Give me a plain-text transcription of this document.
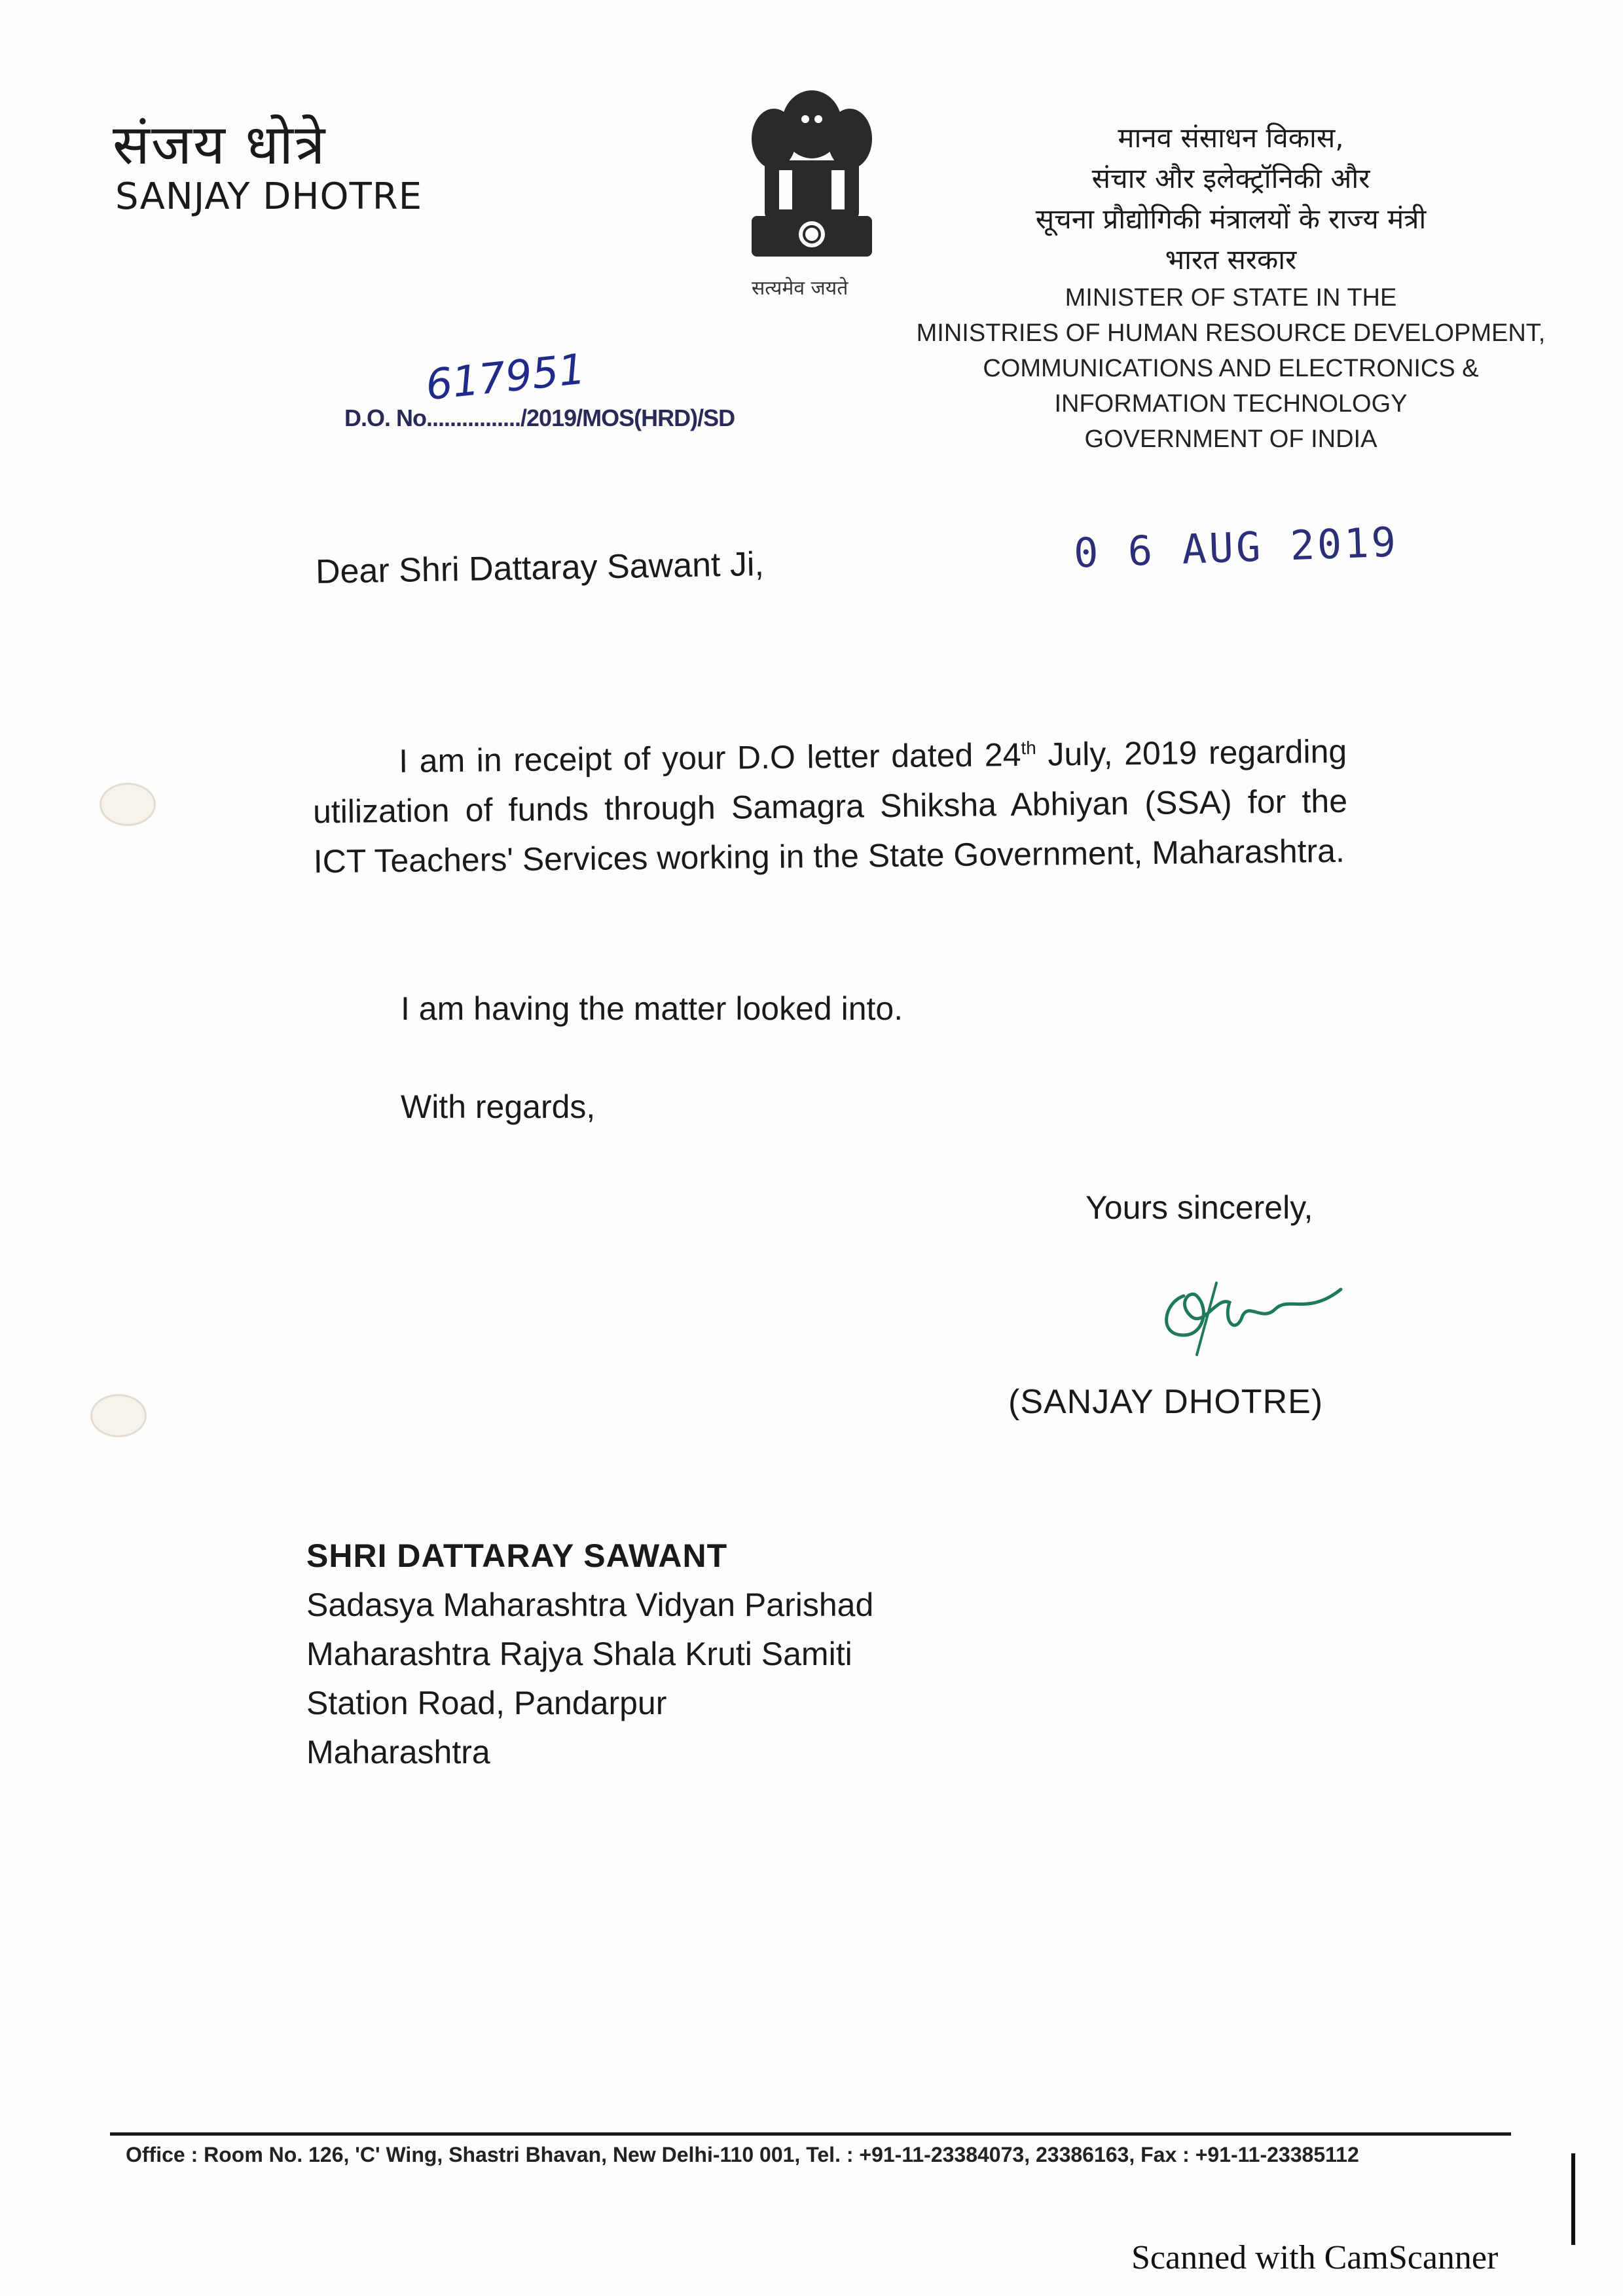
संजय धोत्रे
SANJAY DHOTRE
सत्यमेव जयते
मानव संसाधन विकास,
संचार और इलेक्ट्रॉनिकी और
सूचना प्रौद्योगिकी मंत्रालयों के राज्य मंत्री
भारत सरकार
MINISTER OF STATE IN THE
MINISTRIES OF HUMAN RESOURCE DEVELOPMENT,
COMMUNICATIONS AND ELECTRONICS &
INFORMATION TECHNOLOGY
GOVERNMENT OF INDIA
617951
D.O. No................/2019/MOS(HRD)/SD
Dear Shri Dattaray Sawant Ji,	0 6 AUG 2019
I am in receipt of your D.O letter dated 24th July, 2019 regarding utilization of funds through Samagra Shiksha Abhiyan (SSA) for the ICT Teachers' Services working in the State Government, Maharashtra.
I am having the matter looked into.
With regards,
Yours sincerely,
(SANJAY DHOTRE)
SHRI DATTARAY SAWANT
Sadasya Maharashtra Vidyan Parishad
Maharashtra Rajya Shala Kruti Samiti
Station Road, Pandarpur
Maharashtra
Office : Room No. 126, 'C' Wing, Shastri Bhavan, New Delhi-110 001, Tel. : +91-11-23384073, 23386163, Fax : +91-11-23385112
Scanned with CamScanner
